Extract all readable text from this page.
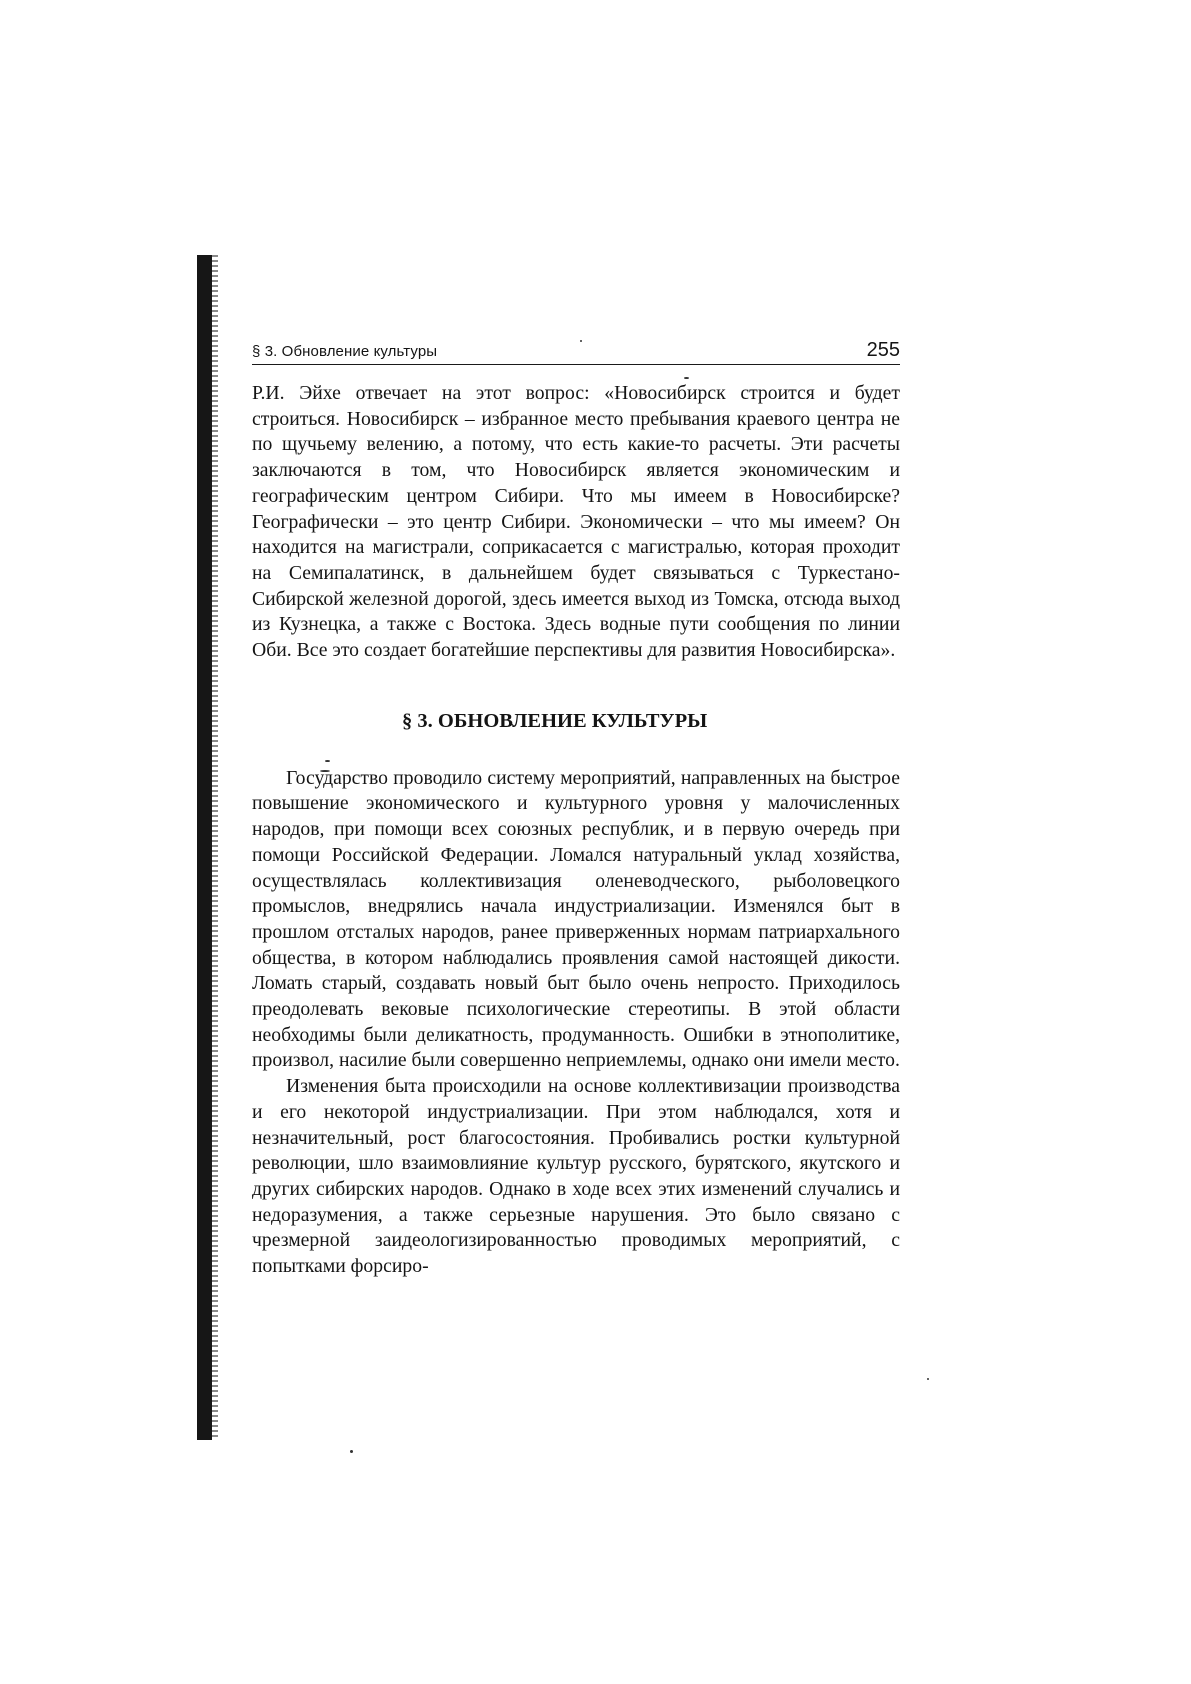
§ 3. Обновление культуры	255

Р.И. Эйхе отвечает на этот вопрос: «Новосибирск строится и будет строиться. Новосибирск – избранное место пребывания краевого центра не по щучьему велению, а потому, что есть какие-то расчеты. Эти расчеты заключаются в том, что Новосибирск является экономическим и географическим центром Сибири. Что мы имеем в Новосибирске? Географически – это центр Сибири. Экономически – что мы имеем? Он находится на магистрали, соприкасается с магистралью, которая проходит на Семипалатинск, в дальнейшем будет связываться с Туркестано-Сибирской железной дорогой, здесь имеется выход из Томска, отсюда выход из Кузнецка, а также с Востока. Здесь водные пути сообщения по линии Оби. Все это создает богатейшие перспективы для развития Новосибирска».

§ 3. ОБНОВЛЕНИЕ КУЛЬТУРЫ

Государство проводило систему мероприятий, направленных на быстрое повышение экономического и культурного уровня у малочисленных народов, при помощи всех союзных республик, и в первую очередь при помощи Российской Федерации. Ломался натуральный уклад хозяйства, осуществлялась коллективизация оленеводческого, рыболовецкого промыслов, внедрялись начала индустриализации. Изменялся быт в прошлом отсталых народов, ранее приверженных нормам патриархального общества, в котором наблюдались проявления самой настоящей дикости. Ломать старый, создавать новый быт было очень непросто. Приходилось преодолевать вековые психологические стереотипы. В этой области необходимы были деликатность, продуманность. Ошибки в этнополитике, произвол, насилие были совершенно неприемлемы, однако они имели место.

Изменения быта происходили на основе коллективизации производства и его некоторой индустриализации. При этом наблюдался, хотя и незначительный, рост благосостояния. Пробивались ростки культурной революции, шло взаимовлияние культур русского, бурятского, якутского и других сибирских народов. Однако в ходе всех этих изменений случались и недоразумения, а также серьезные нарушения. Это было связано с чрезмерной заидеологизированностью проводимых мероприятий, с попытками форсиро-
